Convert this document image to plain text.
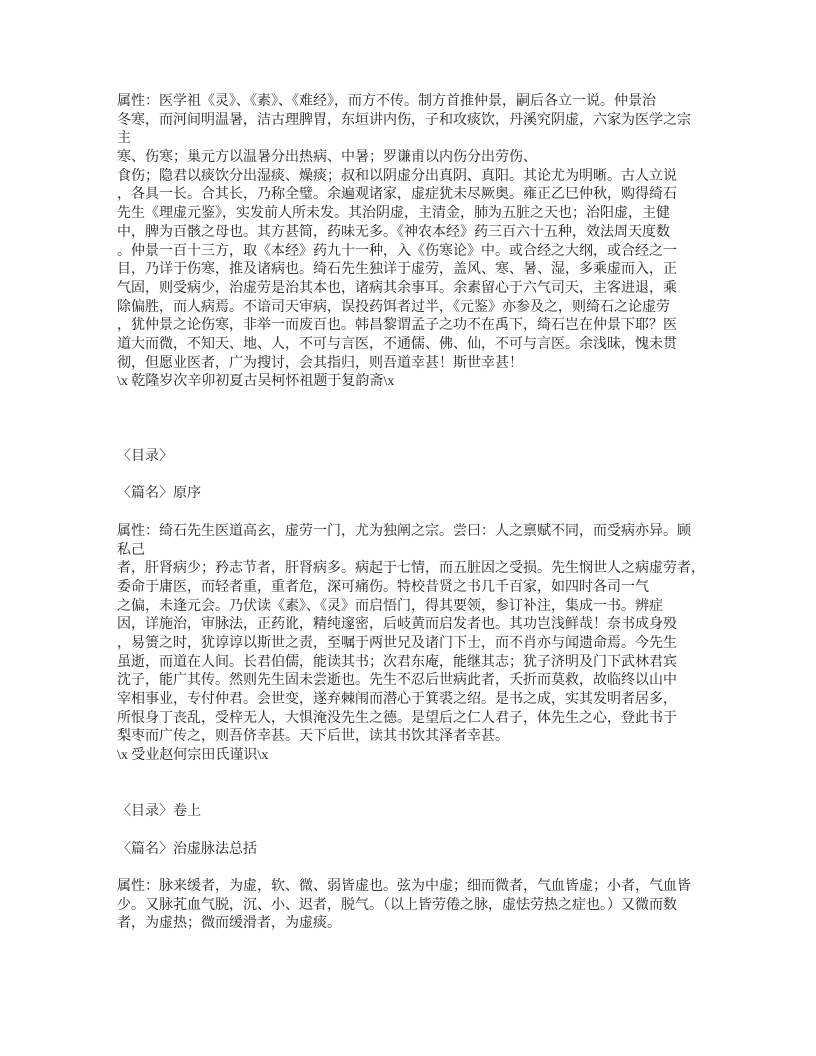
属性：医学祖《灵》、《素》、《难经》，而方不传。制方首推仲景，嗣后各立一说。仲景治
冬寒，而河间明温暑，洁古理脾胃，东垣讲内伤，子和攻痰饮，丹溪究阴虚，六家为医学之宗
主
寒、伤寒；巢元方以温暑分出热病、中暑；罗谦甫以内伤分出劳伤、
食伤；隐君以痰饮分出湿痰、燥痰；叔和以阴虚分出真阴、真阳。其论尤为明晰。古人立说
，各具一长。合其长，乃称全璧。余遍观诸家，虚症犹未尽厥奥。雍正乙巳仲秋，购得绮石
先生《理虚元鉴》，实发前人所未发。其治阴虚，主清金，肺为五脏之天也；治阳虚，主健
中，脾为百骸之母也。其方甚简，药味无多。《神农本经》药三百六十五种，效法周天度数
。仲景一百十三方，取《本经》药九十一种，入《伤寒论》中。或合经之大纲，或合经之一
目，乃详于伤寒，推及诸病也。绮石先生独详于虚劳，盖风、寒、暑、湿，多乘虚而入，正
气固，则受病少，治虚劳是治其本也，诸病其余事耳。余素留心于六气司天，主客进退，乘
除偏胜，而人病焉。不谙司天审病，误投药饵者过半，《元鉴》亦参及之，则绮石之论虚劳
，犹仲景之论伤寒，非举一而废百也。韩昌黎谓孟子之功不在禹下，绮石岂在仲景下耶？医
道大而微，不知天、地、人，不可与言医，不通儒、佛、仙，不可与言医。余浅昧，愧未贯
彻，但愿业医者，广为搜讨，会其指归，则吾道幸甚！斯世幸甚！
\x 乾隆岁次辛卯初夏古吴柯怀祖题于复韵斋\x
〈目录〉
〈篇名〉原序
属性：绮石先生医道高玄，虚劳一门，尤为独阐之宗。尝曰：人之禀赋不同，而受病亦异。顾
私己
者，肝肾病少；矜志节者，肝肾病多。病起于七情，而五脏因之受损。先生悯世人之病虚劳者，
委命于庸医，而轻者重，重者危，深可痛伤。特校昔贤之书几千百家，如四时各司一气
之偏，未逢元会。乃伏读《素》、《灵》而启悟门，得其要领，参订补注，集成一书。辨症
因，详施治，审脉法，正药讹，精纯邃密，后岐黄而启发者也。其功岂浅鲜哉！奈书成身殁
，易箦之时，犹谆谆以斯世之责，至嘱于两世兄及诸门下士，而不肖亦与闻遗命焉。今先生
虽逝，而道在人间。长君伯儒，能读其书；次君东庵，能继其志；犹子济明及门下武林君宾
沈子，能广其传。然则先生固未尝逝也。先生不忍后世病此者，夭折而莫救，故临终以山中
宰相事业，专付仲君。会世变，遂弃棘闱而潜心于箕裘之绍。是书之成，实其发明者居多，
所恨身丁丧乱，受梓无人，大惧淹没先生之德。是望后之仁人君子，体先生之心，登此书于
梨枣而广传之，则吾侪幸甚。天下后世，读其书饮其泽者幸甚。
\x 受业赵何宗田氏谨识\x
〈目录〉卷上
〈篇名〉治虚脉法总括
属性：脉来缓者，为虚，软、微、弱皆虚也。弦为中虚；细而微者，气血皆虚；小者，气血皆
少。又脉芤血气脱，沉、小、迟者，脱气。（以上皆劳倦之脉，虚怯劳热之症也。）又微而数
者，为虚热；微而缓滑者，为虚痰。
